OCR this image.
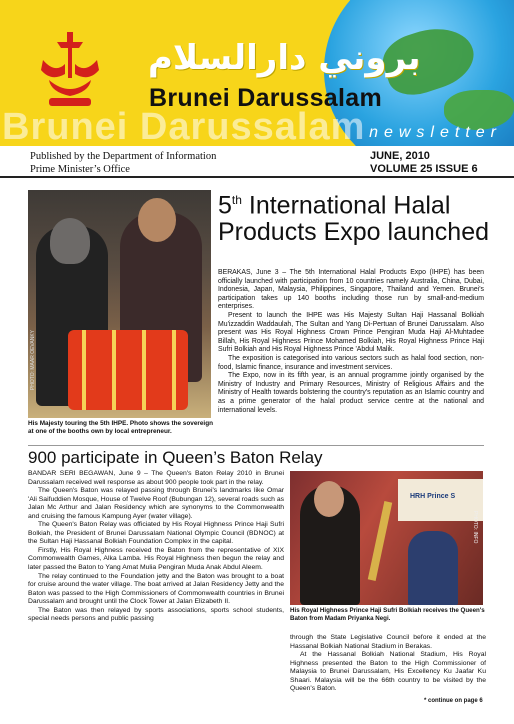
بروني دارالسلام
Brunei Darussalam
Brunei Darussalam newsletter
Published by the Department of Information
Prime Minister’s Office
JUNE, 2010
VOLUME 25 ISSUE 6
PHOTO: MAAR OEVANKY
His Majesty touring the 5th IHPE. Photo shows the sovereign at one of the booths own by local entrepreneur.
5th International Halal Products Expo launched

BERAKAS, June 3 – The 5th International Halal Products Expo (IHPE) has been officially launched with participation from 10 countries namely Australia, China, Dubai, Indonesia, Japan, Malaysia, Philippines, Singapore, Thailand and Yemen. Brunei's participation takes up 140 booths including those run by small-and-medium enterprises.

Present to launch the IHPE was His Majesty Sultan Haji Hassanal Bolkiah Mu'izzaddin Waddaulah, The Sultan and Yang Di-Pertuan of Brunei Darussalam. Also present was His Royal Highness Crown Prince Pengiran Muda Haji Al-Muhtadee Billah, His Royal Highness Prince Mohamed Bolkiah, His Royal Highness Prince Haji Sufri Bolkiah and His Royal Highness Prince 'Abdul Malik.

The exposition is categorised into various sectors such as halal food section, non-food, Islamic finance, insurance and investment services.

The Expo, now in its fifth year, is an annual programme jointly organised by the Ministry of Industry and Primary Resources, Ministry of Religious Affairs and the Ministry of Health towards bolstering the country's reputation as an Islamic country and as a prime generator of the halal product service centre at the national and international levels.

900 participate in Queen’s Baton Relay

BANDAR SERI BEGAWAN, June 9 – The Queen's Baton Relay 2010 in Brunei Darussalam received well response as about 900 people took part in the relay.

The Queen's Baton was relayed passing through Brunei's landmarks like Omar 'Ali Saifuddien Mosque, House of Twelve Roof (Bubungan 12), several roads such as Jalan Mc Arthur and Jalan Residency which are synonyms to the Commonwealth and cruising the famous Kampung Ayer (water village).

The Queen's Baton Relay was officiated by His Royal Highness Prince Haji Sufri Bolkiah, the President of Brunei Darussalam National Olympic Council (BDNOC) at the Sultan Haji Hassanal Bolkiah Foundation Complex in the capital.

Firstly, His Royal Highness received the Baton from the representative of XIX Commonwealth Games, Alka Lamba. His Royal Highness then begun the relay and later passed the Baton to Yang Amat Mulia Pengiran Muda Anak Abdul Aleem.

The relay continued to the Foundation jetty and the Baton was brought to a boat for cruise around the water village. The boat arrived at Jalan Residency Jetty and the Baton was passed to the High Commissioners of Commonwealth countries in Brunei Darussalam and brought until the Clock Tower at Jalan Elizabeth II.

The Baton was then relayed by sports associations, sports school students, special needs persons and public passing

HRH Prince S
PHOTO: INFO
His Royal Highness Prince Haji Sufri Bolkiah receives the Queen's Baton from Madam Priyanka Negi.

through the State Legislative Council before it ended at the Hassanal Bolkiah National Stadium in Berakas.

At the Hassanal Bolkiah National Stadium, His Royal Highness presented the Baton to the High Commissioner of Malaysia to Brunei Darussalam, His Excellency Ku Jaafar Ku Shaari. Malaysia will be the 66th country to be visited by the Queen's Baton.

* continue on page 6
